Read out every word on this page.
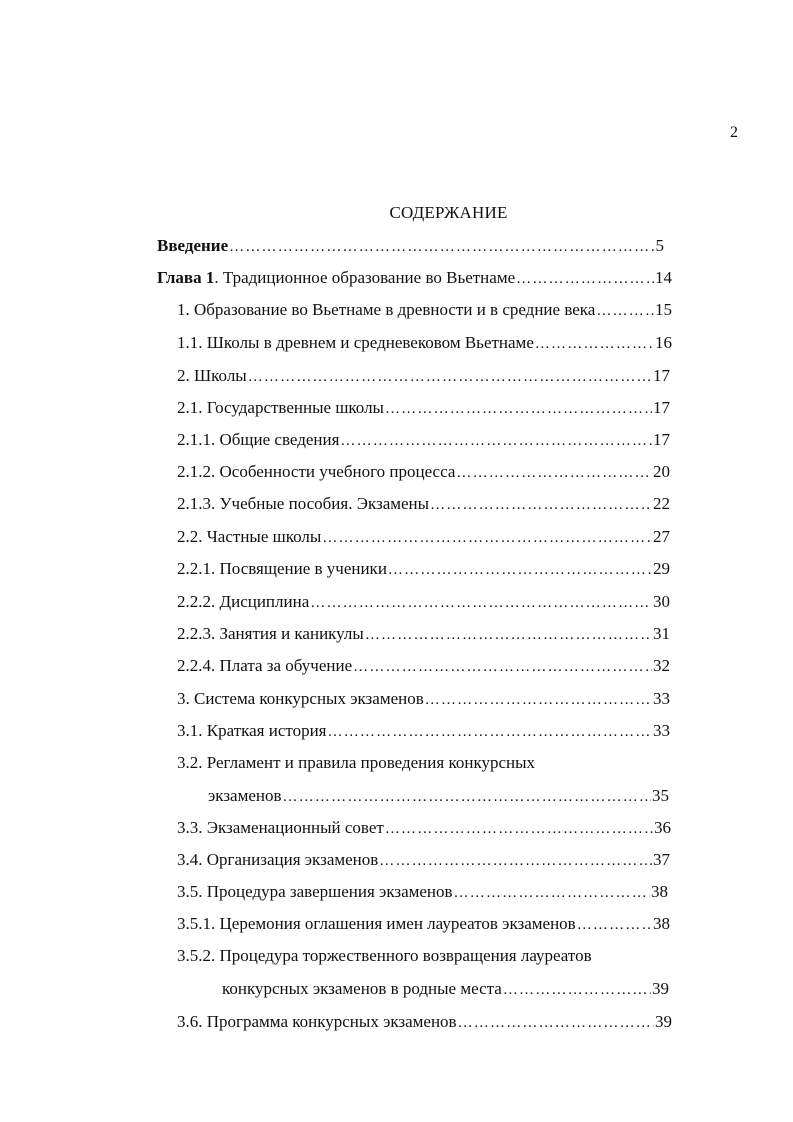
2
СОДЕРЖАНИЕ
Введение ……………………………………………………………………………………………………………………………………	5
Глава 1. Традиционное образование во Вьетнаме ……………………………………………………………………………………………………………………………………	14
1. Образование во Вьетнаме в древности и в средние века ……………………………………………………………………………………………………………………………………	15
1.1. Школы в древнем и средневековом Вьетнаме ……………………………………………………………………………………………………………………………………	16
2. Школы ……………………………………………………………………………………………………………………………………	17
2.1. Государственные школы ……………………………………………………………………………………………………………………………………	17
2.1.1. Общие сведения ……………………………………………………………………………………………………………………………………	17
2.1.2. Особенности учебного процесса ……………………………………………………………………………………………………………………………………	20
2.1.3. Учебные пособия. Экзамены ……………………………………………………………………………………………………………………………………	22
2.2. Частные школы ……………………………………………………………………………………………………………………………………	27
2.2.1. Посвящение в ученики ……………………………………………………………………………………………………………………………………	29
2.2.2. Дисциплина ……………………………………………………………………………………………………………………………………	30
2.2.3. Занятия и каникулы ……………………………………………………………………………………………………………………………………	31
2.2.4. Плата за обучение ……………………………………………………………………………………………………………………………………	32
3. Система конкурсных экзаменов ……………………………………………………………………………………………………………………………………	33
3.1. Краткая история ……………………………………………………………………………………………………………………………………	33
3.2. Регламент и правила проведения конкурсных
экзаменов ……………………………………………………………………………………………………………………………………	35
3.3. Экзаменационный совет ……………………………………………………………………………………………………………………………………	36
3.4. Организация экзаменов ……………………………………………………………………………………………………………………………………	37
3.5. Процедура завершения экзаменов ……………………………………………………………………………………………………………………………………	38
3.5.1. Церемония оглашения имен лауреатов экзаменов ……………………………………………………………………………………………………………………………………	38
3.5.2. Процедура торжественного возвращения лауреатов
конкурсных экзаменов в родные места ……………………………………………………………………………………………………………………………………	39
3.6. Программа конкурсных экзаменов ……………………………………………………………………………………………………………………………………	39
